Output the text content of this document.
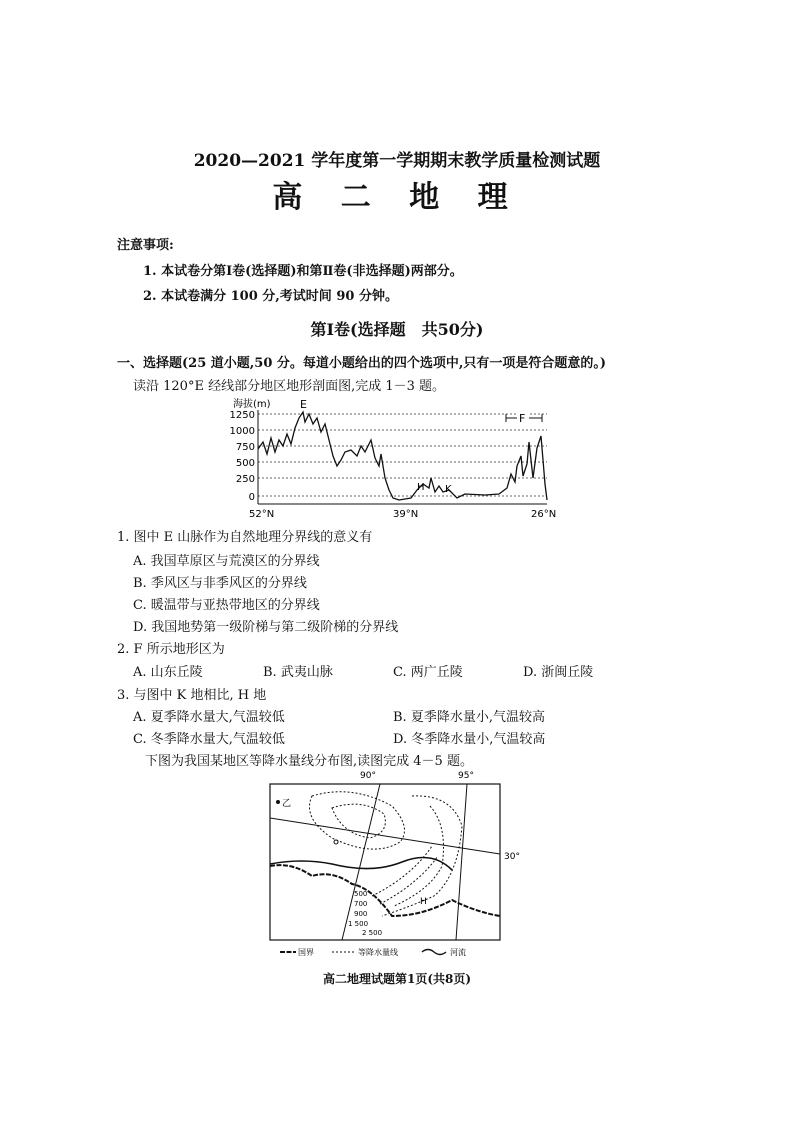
2020—2021 学年度第一学期期末教学质量检测试题
高 二 地 理
注意事项:
1. 本试卷分第Ⅰ卷(选择题)和第Ⅱ卷(非选择题)两部分。
2. 本试卷满分 100 分,考试时间 90 分钟。
第Ⅰ卷(选择题　共50分)
一、选择题(25 道小题,50 分。每道小题给出的四个选项中,只有一项是符合题意的。)
读沿 120°E 经线部分地区地形剖面图,完成 1－3 题。
海拔(m)
1250
1000
750
500
250
0
E
F
H K
52°N	39°N	26°N
1. 图中 E 山脉作为自然地理分界线的意义有
A. 我国草原区与荒漠区的分界线
B. 季风区与非季风区的分界线
C. 暖温带与亚热带地区的分界线
D. 我国地势第一级阶梯与第二级阶梯的分界线
2. F 所示地形区为
A. 山东丘陵	B. 武夷山脉	C. 两广丘陵	D. 浙闽丘陵
3. 与图中 K 地相比, H 地
A. 夏季降水量大,气温较低	B. 夏季降水量小,气温较高
C. 冬季降水量大,气温较低	D. 冬季降水量小,气温较高
下图为我国某地区等降水量线分布图,读图完成 4－5 题。
90°	95°
30°
乙
500
700
900
1 500
2 500
H
国界	等降水量线	河流
高二地理试题第1页(共8页)
